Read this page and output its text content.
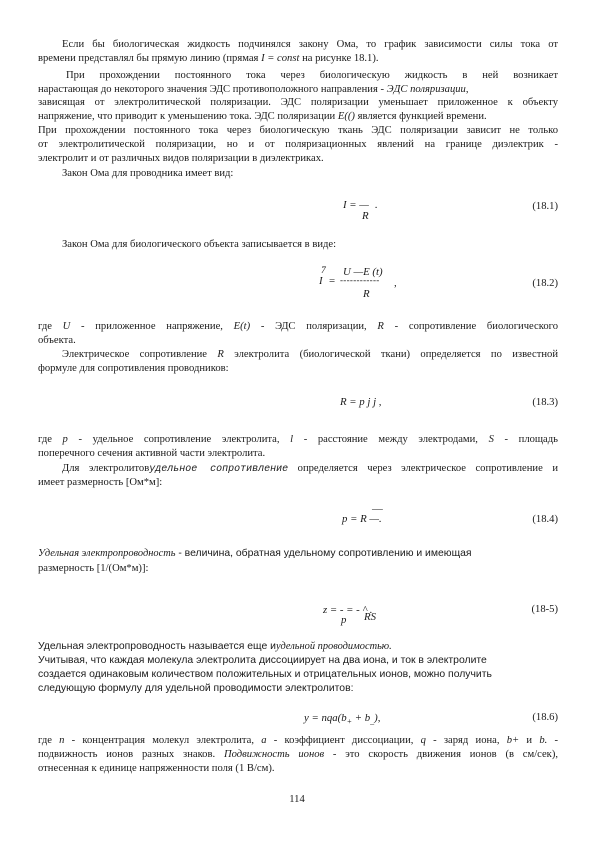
Если бы биологическая жидкость подчинялся закону Ома, то график зависимости силы тока от
времени представлял бы прямую линию (прямая I = const на рисунке 18.1).
При прохождении постоянного тока через биологическую жидкость в ней возникает
нарастающая до некоторого значения ЭДС противоположного направления - ЭДС поляризации,
зависящая от электролитической поляризации. ЭДС поляризации уменьшает приложенное к объекту
напряжение, что приводит к уменьшению тока. ЭДС поляризации E(() является функцией времени.
При прохождении постоянного тока через биологическую ткань ЭДС поляризации зависит не только
от электролитической поляризации, но и от поляризационных явлений на границе диэлектрик -
электролит и от различных видов поляризации в диэлектриках.
Закон Ома для проводника имеет вид:
I = —
R
.	(18.1)
Закон Ома для биологического объекта записывается в виде:
7 U —E (t)
I = ------------ ,
R
(18.2)
где U - приложенное напряжение, E(t) - ЭДС поляризации, R - сопротивление биологического
объекта.
Электрическое сопротивление R электролита (биологической ткани) определяется по известной
формуле для сопротивления проводников:
R = p j j ,	(18.3)
где p - удельное сопротивление электролита, l - расстояние между электродами, S - площадь
поперечного сечения активной части электролита.
Для электролитовудельное сопротивление определяется через электрическое сопротивление и
имеет размерность [Ом*м]:
—
p = R —.	(18.4)
Удельная электропроводность - величина, обратная удельному сопротивлению и имеющая
размерность [1/(Ом*м)]:
z = - = - ^ .
p RS
(18-5)
Удельная электропроводность называется еще иудельной проводимостью.
Учитывая, что каждая молекула электролита диссоциирует на два иона, и ток в электролите
создается одинаковым количеством положительных и отрицательных ионов, можно получить
следующую формулу для удельной проводимости электролитов:
$y = nqa(b_+ + b_{\_})$,	(18.6)
где n - концентрация молекул электролита, a - коэффициент диссоциации, q - заряд иона, b+ и b. -
подвижность ионов разных знаков. Подвижность ионов - это скорость движения ионов (в см/сек),
отнесенная к единице напряженности поля (1 В/см).
114
